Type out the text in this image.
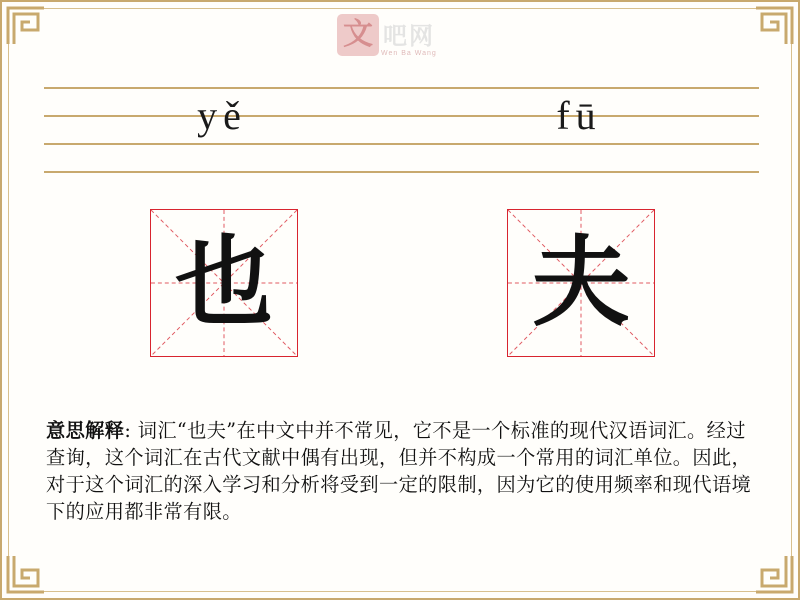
文 吧网
Wen Ba Wang
yě	fū
也	夫
意思解释: 词汇“也夫”在中文中并不常见，它不是一个标准的现代汉语词汇。经过查询，这个词汇在古代文献中偶有出现，但并不构成一个常用的词汇单位。因此，对于这个词汇的深入学习和分析将受到一定的限制，因为它的使用频率和现代语境下的应用都非常有限。
